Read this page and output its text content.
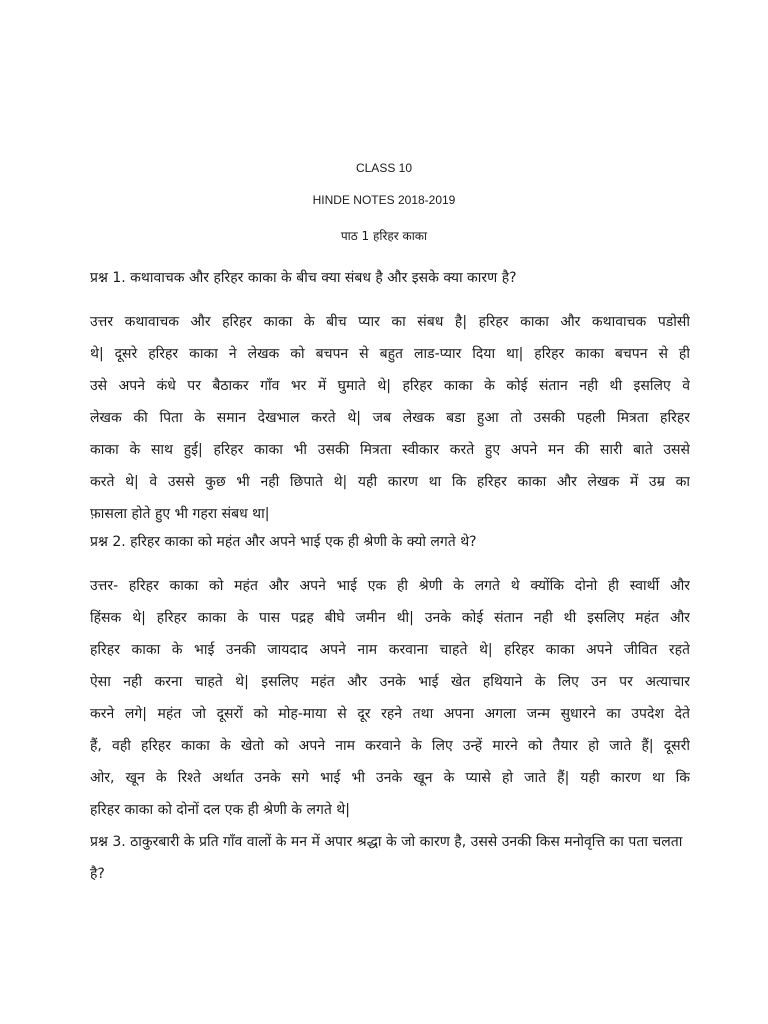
CLASS 10
HINDE NOTES 2018-2019
पाठ 1 हरिहर काका

प्रश्न 1. कथावाचक और हरिहर काका के बीच क्या संबध है और इसके क्या कारण है?

उत्तर कथावाचक और हरिहर काका के बीच प्यार का संबध है| हरिहर काका और कथावाचक पडोसी
थे| दूसरे हरिहर काका ने लेखक को बचपन से बहुत लाड-प्यार दिया था| हरिहर काका बचपन से ही
उसे अपने कंधे पर बैठाकर गाँव भर में घुमाते थे| हरिहर काका के कोई संतान नही थी इसलिए वे
लेखक की पिता के समान देखभाल करते थे| जब लेखक बडा हुआ तो उसकी पहली मित्रता हरिहर
काका के साथ हुई| हरिहर काका भी उसकी मित्रता स्वीकार करते हुए अपने मन की सारी बाते उससे
करते थे| वे उससे कुछ भी नही छिपाते थे| यही कारण था कि हरिहर काका और लेखक में उम्र का
फ़ासला होते हुए भी गहरा संबध था|

प्रश्न 2. हरिहर काका को महंत और अपने भाई एक ही श्रेणी के क्यो लगते थे?

उत्तर- हरिहर काका को महंत और अपने भाई एक ही श्रेणी के लगते थे क्योंकि दोनो ही स्वार्थी और
हिंसक थे| हरिहर काका के पास पद्रह बीघे जमीन थी| उनके कोई संतान नही थी इसलिए महंत और
हरिहर काका के भाई उनकी जायदाद अपने नाम करवाना चाहते थे| हरिहर काका अपने जीवित रहते
ऐसा नही करना चाहते थे| इसलिए महंत और उनके भाई खेत हथियाने के लिए उन पर अत्याचार
करने लगे| महंत जो दूसरों को मोह-माया से दूर रहने तथा अपना अगला जन्म सुधारने का उपदेश देते
हैं, वही हरिहर काका के खेतो को अपने नाम करवाने के लिए उन्हें मारने को तैयार हो जाते हैं| दूसरी
ओर, खून के रिश्ते अर्थात उनके सगे भाई भी उनके खून के प्यासे हो जाते हैं| यही कारण था कि
हरिहर काका को दोनों दल एक ही श्रेणी के लगते थे|

प्रश्न 3. ठाकुरबारी के प्रति गाँव वालों के मन में अपार श्रद्धा के जो कारण है, उससे उनकी किस मनोवृत्ति का पता चलता है?
